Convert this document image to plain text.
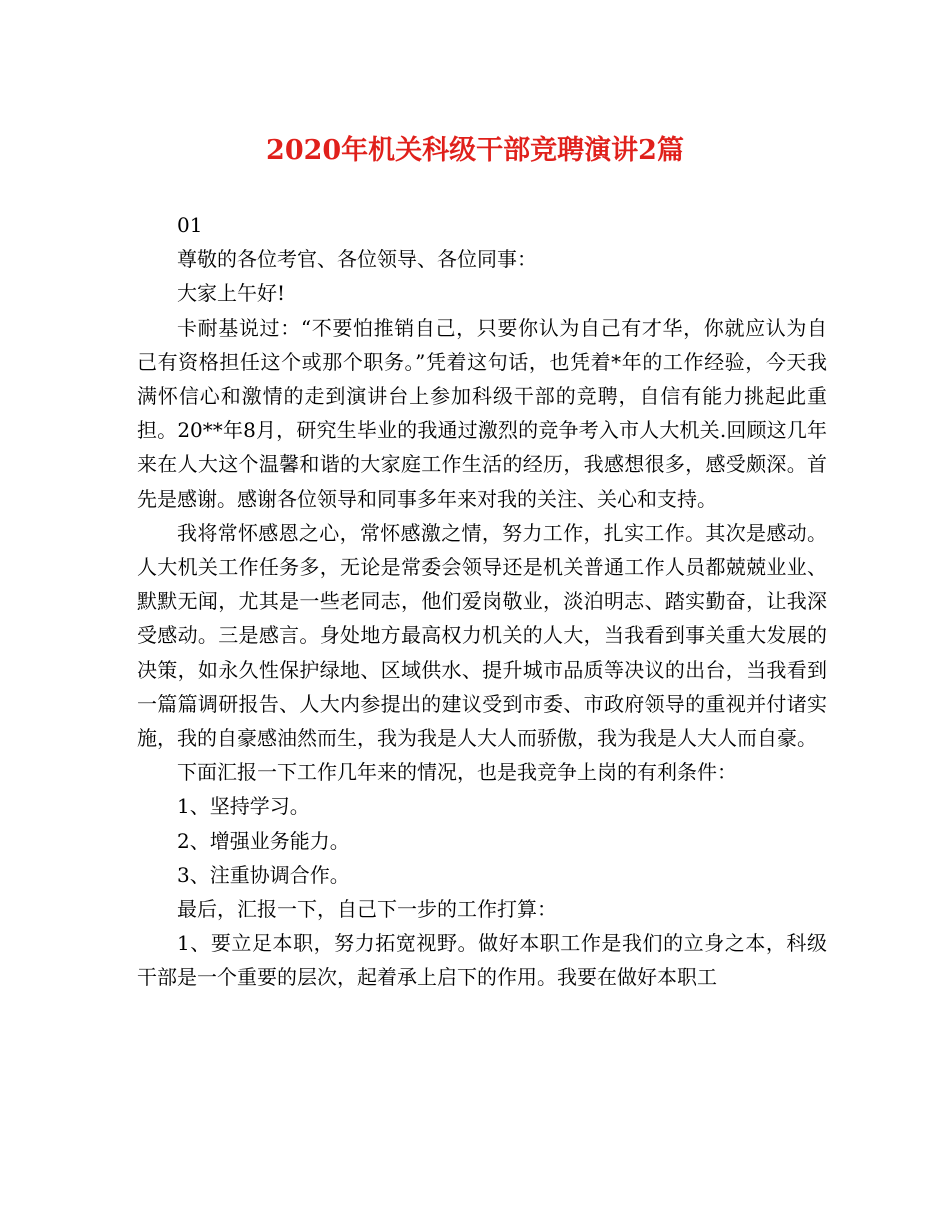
2020年机关科级干部竞聘演讲2篇

01

尊敬的各位考官、各位领导、各位同事：

大家上午好!

卡耐基说过：“不要怕推销自己，只要你认为自己有才华，你就应认为自己有资格担任这个或那个职务。”凭着这句话，也凭着*年的工作经验，今天我满怀信心和激情的走到演讲台上参加科级干部的竞聘，自信有能力挑起此重担。20**年8月，研究生毕业的我通过激烈的竞争考入市人大机关.回顾这几年来在人大这个温馨和谐的大家庭工作生活的经历，我感想很多，感受颇深。首先是感谢。感谢各位领导和同事多年来对我的关注、关心和支持。

我将常怀感恩之心，常怀感激之情，努力工作，扎实工作。其次是感动。人大机关工作任务多，无论是常委会领导还是机关普通工作人员都兢兢业业、默默无闻，尤其是一些老同志，他们爱岗敬业，淡泊明志、踏实勤奋，让我深受感动。三是感言。身处地方最高权力机关的人大，当我看到事关重大发展的决策，如永久性保护绿地、区域供水、提升城市品质等决议的出台，当我看到一篇篇调研报告、人大内参提出的建议受到市委、市政府领导的重视并付诸实施，我的自豪感油然而生，我为我是人大人而骄傲，我为我是人大人而自豪。

下面汇报一下工作几年来的情况，也是我竞争上岗的有利条件：

1、坚持学习。

2、增强业务能力。

3、注重协调合作。

最后，汇报一下，自己下一步的工作打算：

1、要立足本职，努力拓宽视野。做好本职工作是我们的立身之本，科级干部是一个重要的层次，起着承上启下的作用。我要在做好本职工
